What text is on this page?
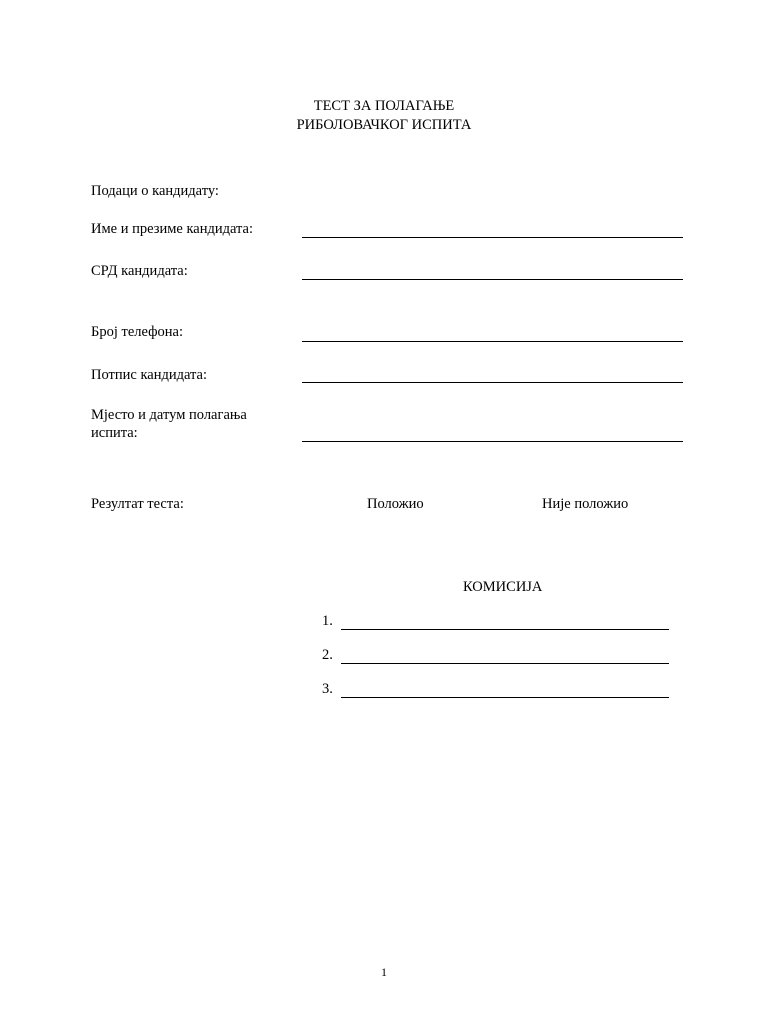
ТЕСТ ЗА ПОЛАГАЊЕ
РИБОЛОВАЧКОГ ИСПИТА
Подаци о кандидату:
Име и презиме кандидата:
СРД кандидата:
Број телефона:
Потпис кандидата:
Мјесто и датум полагања испита:
Резултат теста:	Положио	Није положио
КОМИСИЈА
1.
2.
3.
1
